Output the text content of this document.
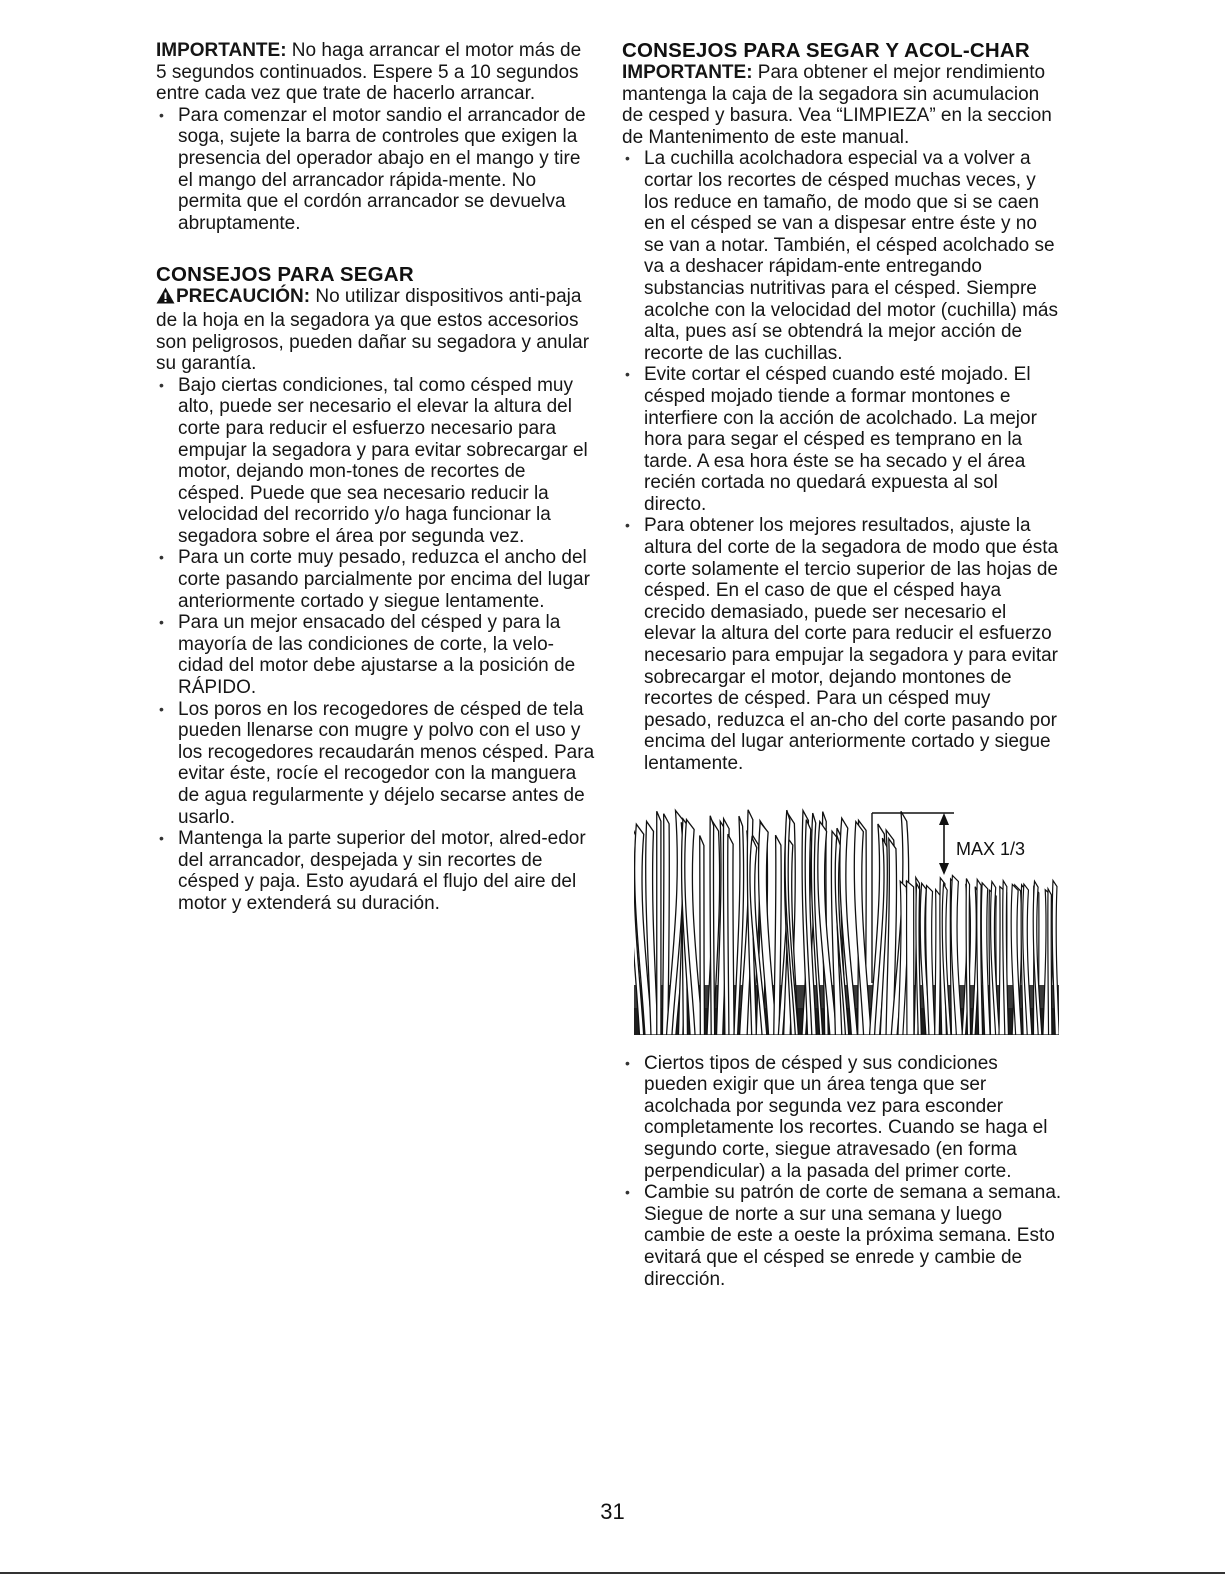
IMPORTANTE: No haga arrancar el motor más de 5 segundos continuados. Espere 5 a 10 segundos entre cada vez que trate de hacerlo arrancar.

• Para comenzar el motor sandio el arrancador de soga, sujete la barra de controles que exigen la presencia del operador abajo en el mango y tire el mango del arrancador rápida-mente. No permita que el cordón arrancador se devuelva abruptamente.
CONSEJOS PARA SEGAR

PRECAUCIÓN: No utilizar dispositivos anti-paja de la hoja en la segadora ya que estos accesorios son peligrosos, pueden dañar su segadora y anular su garantía.

• Bajo ciertas condiciones, tal como césped muy alto, puede ser necesario el elevar la altura del corte para reducir el esfuerzo necesario para empujar la segadora y para evitar sobrecargar el motor, dejando mon-tones de recortes de césped. Puede que sea necesario reducir la velocidad del recorrido y/o haga funcionar la segadora sobre el área por segunda vez.
• Para un corte muy pesado, reduzca el ancho del corte pasando parcialmente por encima del lugar anteriormente cortado y siegue lentamente.
• Para un mejor ensacado del césped y para la mayoría de las condiciones de corte, la velo-cidad del motor debe ajustarse a la posición de RÁPIDO.
• Los poros en los recogedores de césped de tela pueden llenarse con mugre y polvo con el uso y los recogedores recaudarán menos césped. Para evitar éste, rocíe el recogedor con la manguera de agua regularmente y déjelo secarse antes de usarlo.
• Mantenga la parte superior del motor, alred-edor del arrancador, despejada y sin recortes de césped y paja. Esto ayudará el flujo del aire del motor y extenderá su duración.
CONSEJOS PARA SEGAR Y ACOL-CHAR

IMPORTANTE: Para obtener el mejor rendimiento mantenga la caja de la segadora sin acumulacion de cesped y basura. Vea “LIMPIEZA” en la seccion de Mantenimento de este manual.

• La cuchilla acolchadora especial va a volver a cortar los recortes de césped muchas veces, y los reduce en tamaño, de modo que si se caen en el césped se van a dispesar entre éste y no se van a notar. También, el césped acolchado se va a deshacer rápidam-ente entregando substancias nutritivas para el césped. Siempre acolche con la velocidad del motor (cuchilla) más alta, pues así se obtendrá la mejor acción de recorte de las cuchillas.
• Evite cortar el césped cuando esté mojado. El césped mojado tiende a formar montones e interfiere con la acción de acolchado. La mejor hora para segar el césped es temprano en la tarde. A esa hora éste se ha secado y el área recién cortada no quedará expuesta al sol directo.
• Para obtener los mejores resultados, ajuste la altura del corte de la segadora de modo que ésta corte solamente el tercio superior de las hojas de césped. En el caso de que el césped haya crecido demasiado, puede ser necesario el elevar la altura del corte para reducir el esfuerzo necesario para empujar la segadora y para evitar sobrecargar el motor, dejando montones de recortes de césped. Para un césped muy pesado, reduzca el an-cho del corte pasando por encima del lugar anteriormente cortado y siegue lentamente.
MAX 1/3
• Ciertos tipos de césped y sus condiciones pueden exigir que un área tenga que ser acolchada por segunda vez para esconder completamente los recortes. Cuando se haga el segundo corte, siegue atravesado (en forma perpendicular) a la pasada del primer corte.
• Cambie su patrón de corte de semana a semana. Siegue de norte a sur una semana y luego cambie de este a oeste la próxima semana. Esto evitará que el césped se enrede y cambie de dirección.
31
